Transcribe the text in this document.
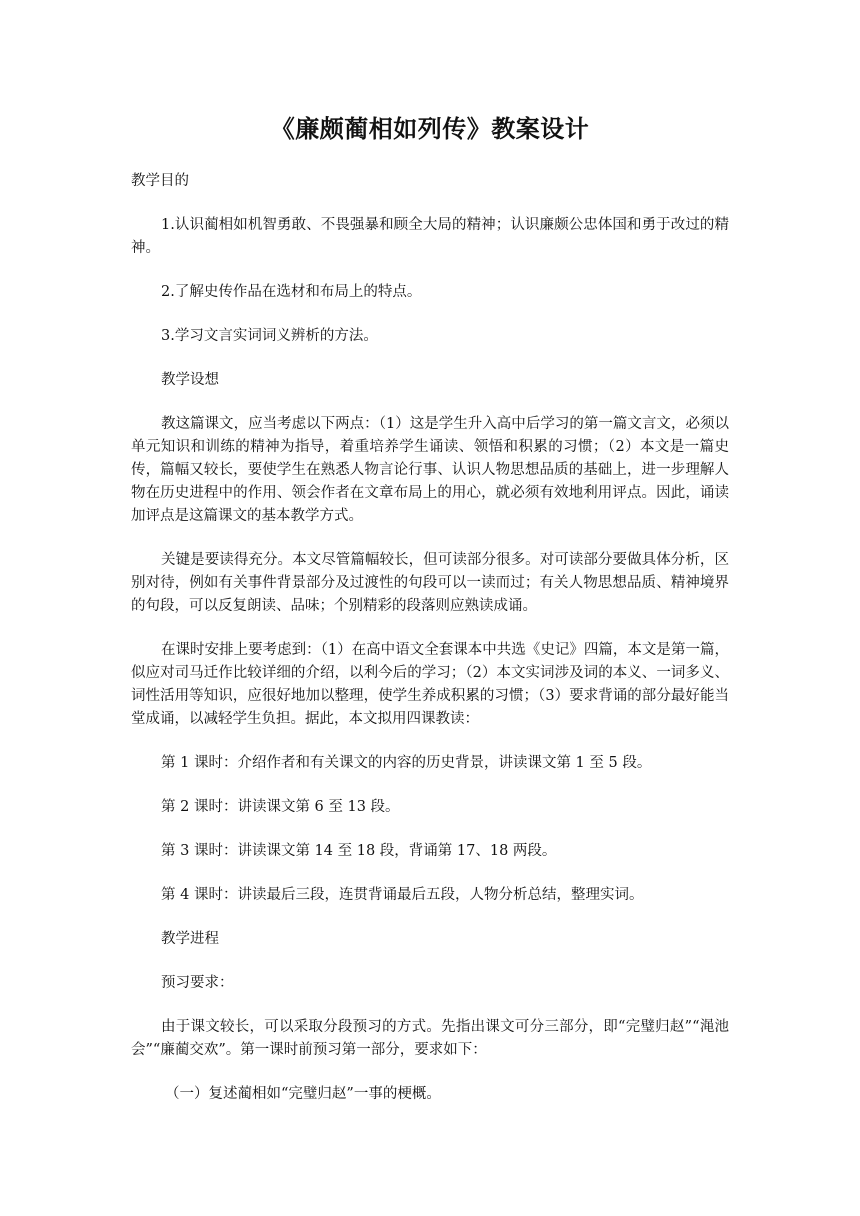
《廉颇蔺相如列传》教案设计

教学目的

1.认识蔺相如机智勇敢、不畏强暴和顾全大局的精神；认识廉颇公忠体国和勇于改过的精神。

2.了解史传作品在选材和布局上的特点。

3.学习文言实词词义辨析的方法。

教学设想

教这篇课文，应当考虑以下两点：（1）这是学生升入高中后学习的第一篇文言文，必须以单元知识和训练的精神为指导，着重培养学生诵读、领悟和积累的习惯；（2）本文是一篇史传，篇幅又较长，要使学生在熟悉人物言论行事、认识人物思想品质的基础上，进一步理解人物在历史进程中的作用、领会作者在文章布局上的用心，就必须有效地利用评点。因此，诵读加评点是这篇课文的基本教学方式。

关键是要读得充分。本文尽管篇幅较长，但可读部分很多。对可读部分要做具体分析，区别对待，例如有关事件背景部分及过渡性的句段可以一读而过；有关人物思想品质、精神境界的句段，可以反复朗读、品味；个别精彩的段落则应熟读成诵。

在课时安排上要考虑到：（1）在高中语文全套课本中共选《史记》四篇，本文是第一篇，似应对司马迁作比较详细的介绍，以利今后的学习；（2）本文实词涉及词的本义、一词多义、词性活用等知识，应很好地加以整理，使学生养成积累的习惯；（3）要求背诵的部分最好能当堂成诵，以减轻学生负担。据此，本文拟用四课教读：

第 1 课时：介绍作者和有关课文的内容的历史背景，讲读课文第 1 至 5 段。

第 2 课时：讲读课文第 6 至 13 段。

第 3 课时：讲读课文第 14 至 18 段，背诵第 17、18 两段。

第 4 课时：讲读最后三段，连贯背诵最后五段，人物分析总结，整理实词。

教学进程

预习要求：

由于课文较长，可以采取分段预习的方式。先指出课文可分三部分，即“完璧归赵”“渑池会”“廉蔺交欢”。第一课时前预习第一部分，要求如下：

（一）复述蔺相如“完璧归赵”一事的梗概。
